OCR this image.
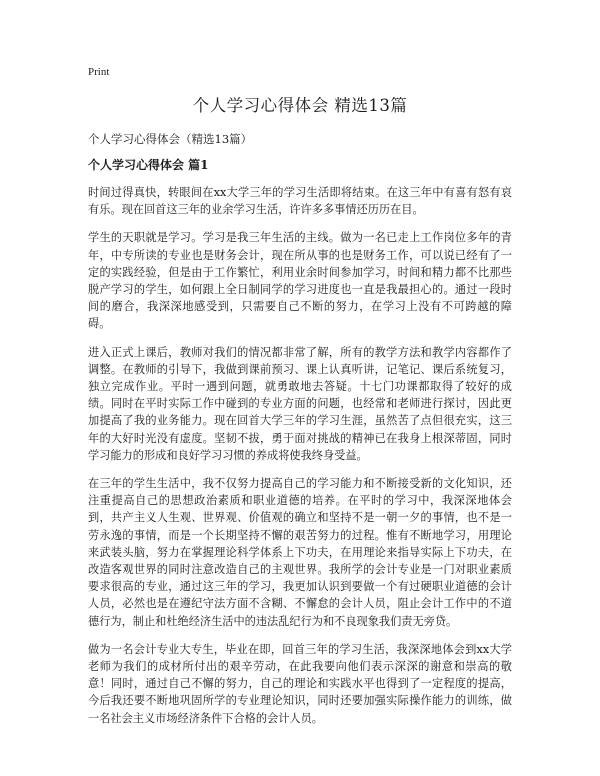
Print
个人学习心得体会 精选13篇

个人学习心得体会（精选13篇）

个人学习心得体会 篇1

时间过得真快，转眼间在xx大学三年的学习生活即将结束。在这三年中有喜有怒有哀有乐。现在回首这三年的业余学习生活，许许多多事情还历历在目。

学生的天职就是学习。学习是我三年生活的主线。做为一名已走上工作岗位多年的青年，中专所读的专业也是财务会计，现在所从事的也是财务工作，可以说已经有了一定的实践经验，但是由于工作繁忙，利用业余时间参加学习，时间和精力都不比那些脱产学习的学生，如何跟上全日制同学的学习进度也一直是我最担心的。通过一段时间的磨合，我深深地感受到，只需要自己不断的努力，在学习上没有不可跨越的障碍。

进入正式上课后，教师对我们的情况都非常了解，所有的教学方法和教学内容都作了调整。在教师的引导下，我做到课前预习、课上认真听讲，记笔记、课后系统复习，独立完成作业。平时一遇到问题，就勇敢地去答疑。十七门功课都取得了较好的成绩。同时在平时实际工作中碰到的专业方面的问题，也经常和老师进行探讨，因此更加提高了我的业务能力。现在回首大学三年的学习生涯，虽然苦了点但很充实，这三年的大好时光没有虚度。坚韧不拔，勇于面对挑战的精神已在我身上根深蒂固，同时学习能力的形成和良好学习习惯的养成将使我终身受益。

在三年的学生生活中，我不仅努力提高自己的学习能力和不断接受新的文化知识，还注重提高自己的思想政治素质和职业道德的培养。在平时的学习中，我深深地体会到，共产主义人生观、世界观、价值观的确立和坚持不是一朝一夕的事情，也不是一劳永逸的事情，而是一个长期坚持不懈的艰苦努力的过程。惟有不断地学习，用理论来武装头脑，努力在掌握理论科学体系上下功夫，在用理论来指导实际上下功夫，在改造客观世界的同时注意改造自己的主观世界。我所学的会计专业是一门对职业素质要求很高的专业，通过这三年的学习，我更加认识到要做一个有过硬职业道德的会计人员，必然也是在遵纪守法方面不含糊、不懈怠的会计人员，阻止会计工作中的不道德行为，制止和杜绝经济生活中的违法乱纪行为和不良现象我们责无旁贷。

做为一名会计专业大专生，毕业在即，回首三年的学习生活，我深深地体会到xx大学老师为我们的成材所付出的艰辛劳动，在此我要向他们表示深深的谢意和崇高的敬意！同时，通过自己不懈的努力，自己的理论和实践水平也得到了一定程度的提高，今后我还要不断地巩固所学的专业理论知识，同时还要加强实际操作能力的训练，做一名社会主义市场经济条件下合格的会计人员。
